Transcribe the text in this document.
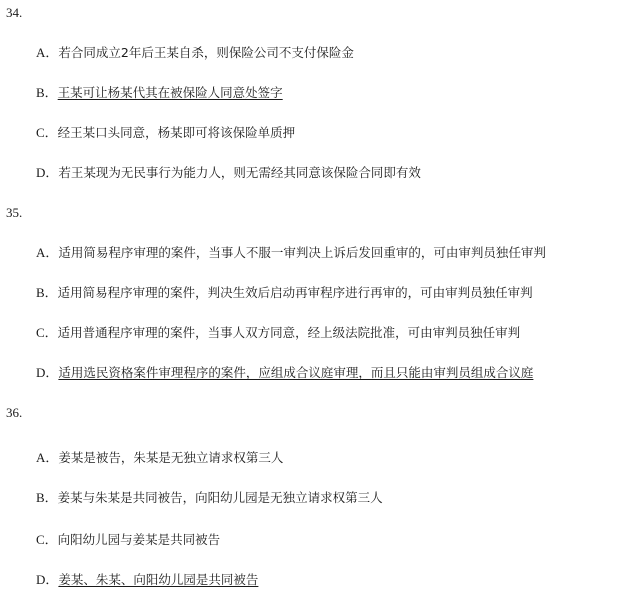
34.
A．若合同成立2年后王某自杀，则保险公司不支付保险金
B．王某可让杨某代其在被保险人同意处签字
C．经王某口头同意，杨某即可将该保险单质押
D．若王某现为无民事行为能力人，则无需经其同意该保险合同即有效
35.
A．适用简易程序审理的案件，当事人不服一审判决上诉后发回重审的，可由审判员独任审判
B．适用简易程序审理的案件，判决生效后启动再审程序进行再审的，可由审判员独任审判
C．适用普通程序审理的案件，当事人双方同意，经上级法院批准，可由审判员独任审判
D．适用选民资格案件审理程序的案件，应组成合议庭审理，而且只能由审判员组成合议庭
36.
A．姜某是被告，朱某是无独立请求权第三人
B．姜某与朱某是共同被告，向阳幼儿园是无独立请求权第三人
C．向阳幼儿园与姜某是共同被告
D．姜某、朱某、向阳幼儿园是共同被告
